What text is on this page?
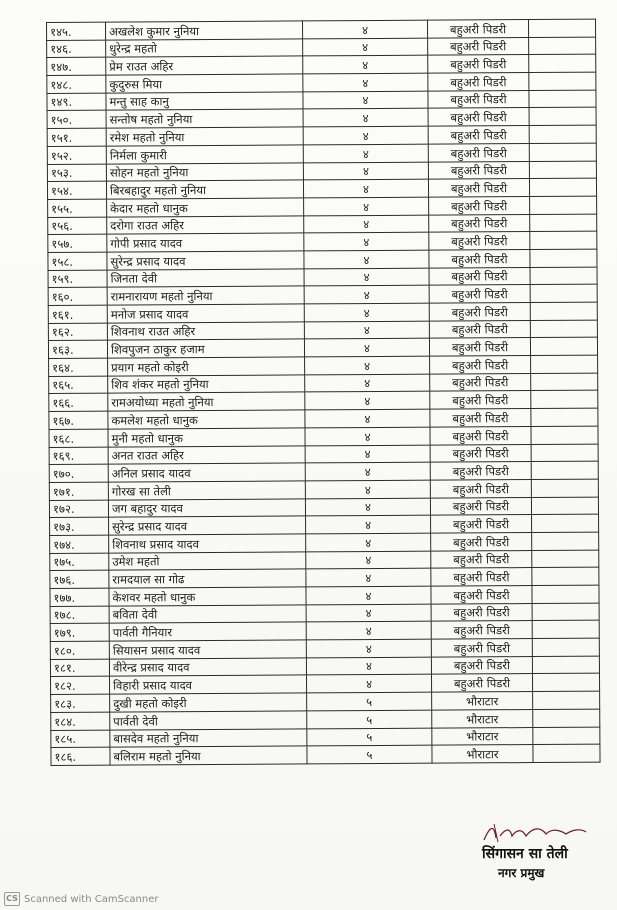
१४५.	अखलेश कुमार नुनिया	४	बहुअरी पिडरी	
१४६.	धुरेन्द्र महतो	४	बहुअरी पिडरी	
१४७.	प्रेम राउत अहिर	४	बहुअरी पिडरी	
१४८.	कुदुरुस मिया	४	बहुअरी पिडरी	
१४९.	मन्तु साह कानु	४	बहुअरी पिडरी	
१५०.	सन्तोष महतो नुनिया	४	बहुअरी पिडरी	
१५१.	रमेश महतो नुनिया	४	बहुअरी पिडरी	
१५२.	निर्मला कुमारी	४	बहुअरी पिडरी	
१५३.	सोहन महतो नुनिया	४	बहुअरी पिडरी	
१५४.	बिरबहादुर महतो नुनिया	४	बहुअरी पिडरी	
१५५.	केदार महतो धानुक	४	बहुअरी पिडरी	
१५६.	दरोगा राउत अहिर	४	बहुअरी पिडरी	
१५७.	गोपी प्रसाद यादव	४	बहुअरी पिडरी	
१५८.	सुरेन्द्र प्रसाद यादव	४	बहुअरी पिडरी	
१५९.	जिनता देवी	४	बहुअरी पिडरी	
१६०.	रामनारायण महतो नुनिया	४	बहुअरी पिडरी	
१६१.	मनोज प्रसाद यादव	४	बहुअरी पिडरी	
१६२.	शिवनाथ राउत अहिर	४	बहुअरी पिडरी	
१६३.	शिवपुजन ठाकुर हजाम	४	बहुअरी पिडरी	
१६४.	प्रयाग महतो कोइरी	४	बहुअरी पिडरी	
१६५.	शिव शंकर महतो नुनिया	४	बहुअरी पिडरी	
१६६.	रामअयोध्या महतो नुनिया	४	बहुअरी पिडरी	
१६७.	कमलेश महतो धानुक	४	बहुअरी पिडरी	
१६८.	मुनी महतो धानुक	४	बहुअरी पिडरी	
१६९.	अनत राउत अहिर	४	बहुअरी पिडरी	
१७०.	अनिल प्रसाद यादव	४	बहुअरी पिडरी	
१७१.	गोरख सा तेली	४	बहुअरी पिडरी	
१७२.	जग बहादुर यादव	४	बहुअरी पिडरी	
१७३.	सुरेन्द्र प्रसाद यादव	४	बहुअरी पिडरी	
१७४.	शिवनाथ प्रसाद यादव	४	बहुअरी पिडरी	
१७५.	उमेश महतो	४	बहुअरी पिडरी	
१७६.	रामदयाल सा गोढ	४	बहुअरी पिडरी	
१७७.	केशवर महतो धानुक	४	बहुअरी पिडरी	
१७८.	बविता देवी	४	बहुअरी पिडरी	
१७९.	पार्वती गैनियार	४	बहुअरी पिडरी	
१८०.	सियासन प्रसाद यादव	४	बहुअरी पिडरी	
१८१.	वीरेन्द्र प्रसाद यादव	४	बहुअरी पिडरी	
१८२.	विहारी प्रसाद यादव	४	बहुअरी पिडरी	
१८३.	दुखी महतो कोइरी	५	भौराटार	
१८४.	पार्वती देवी	५	भौराटार	
१८५.	बासदेव महतो नुनिया	५	भौराटार	
१८६.	बलिराम महतो नुनिया	५	भौराटार	
सिंगासन सा तेली
नगर प्रमुख
CS Scanned with CamScanner
